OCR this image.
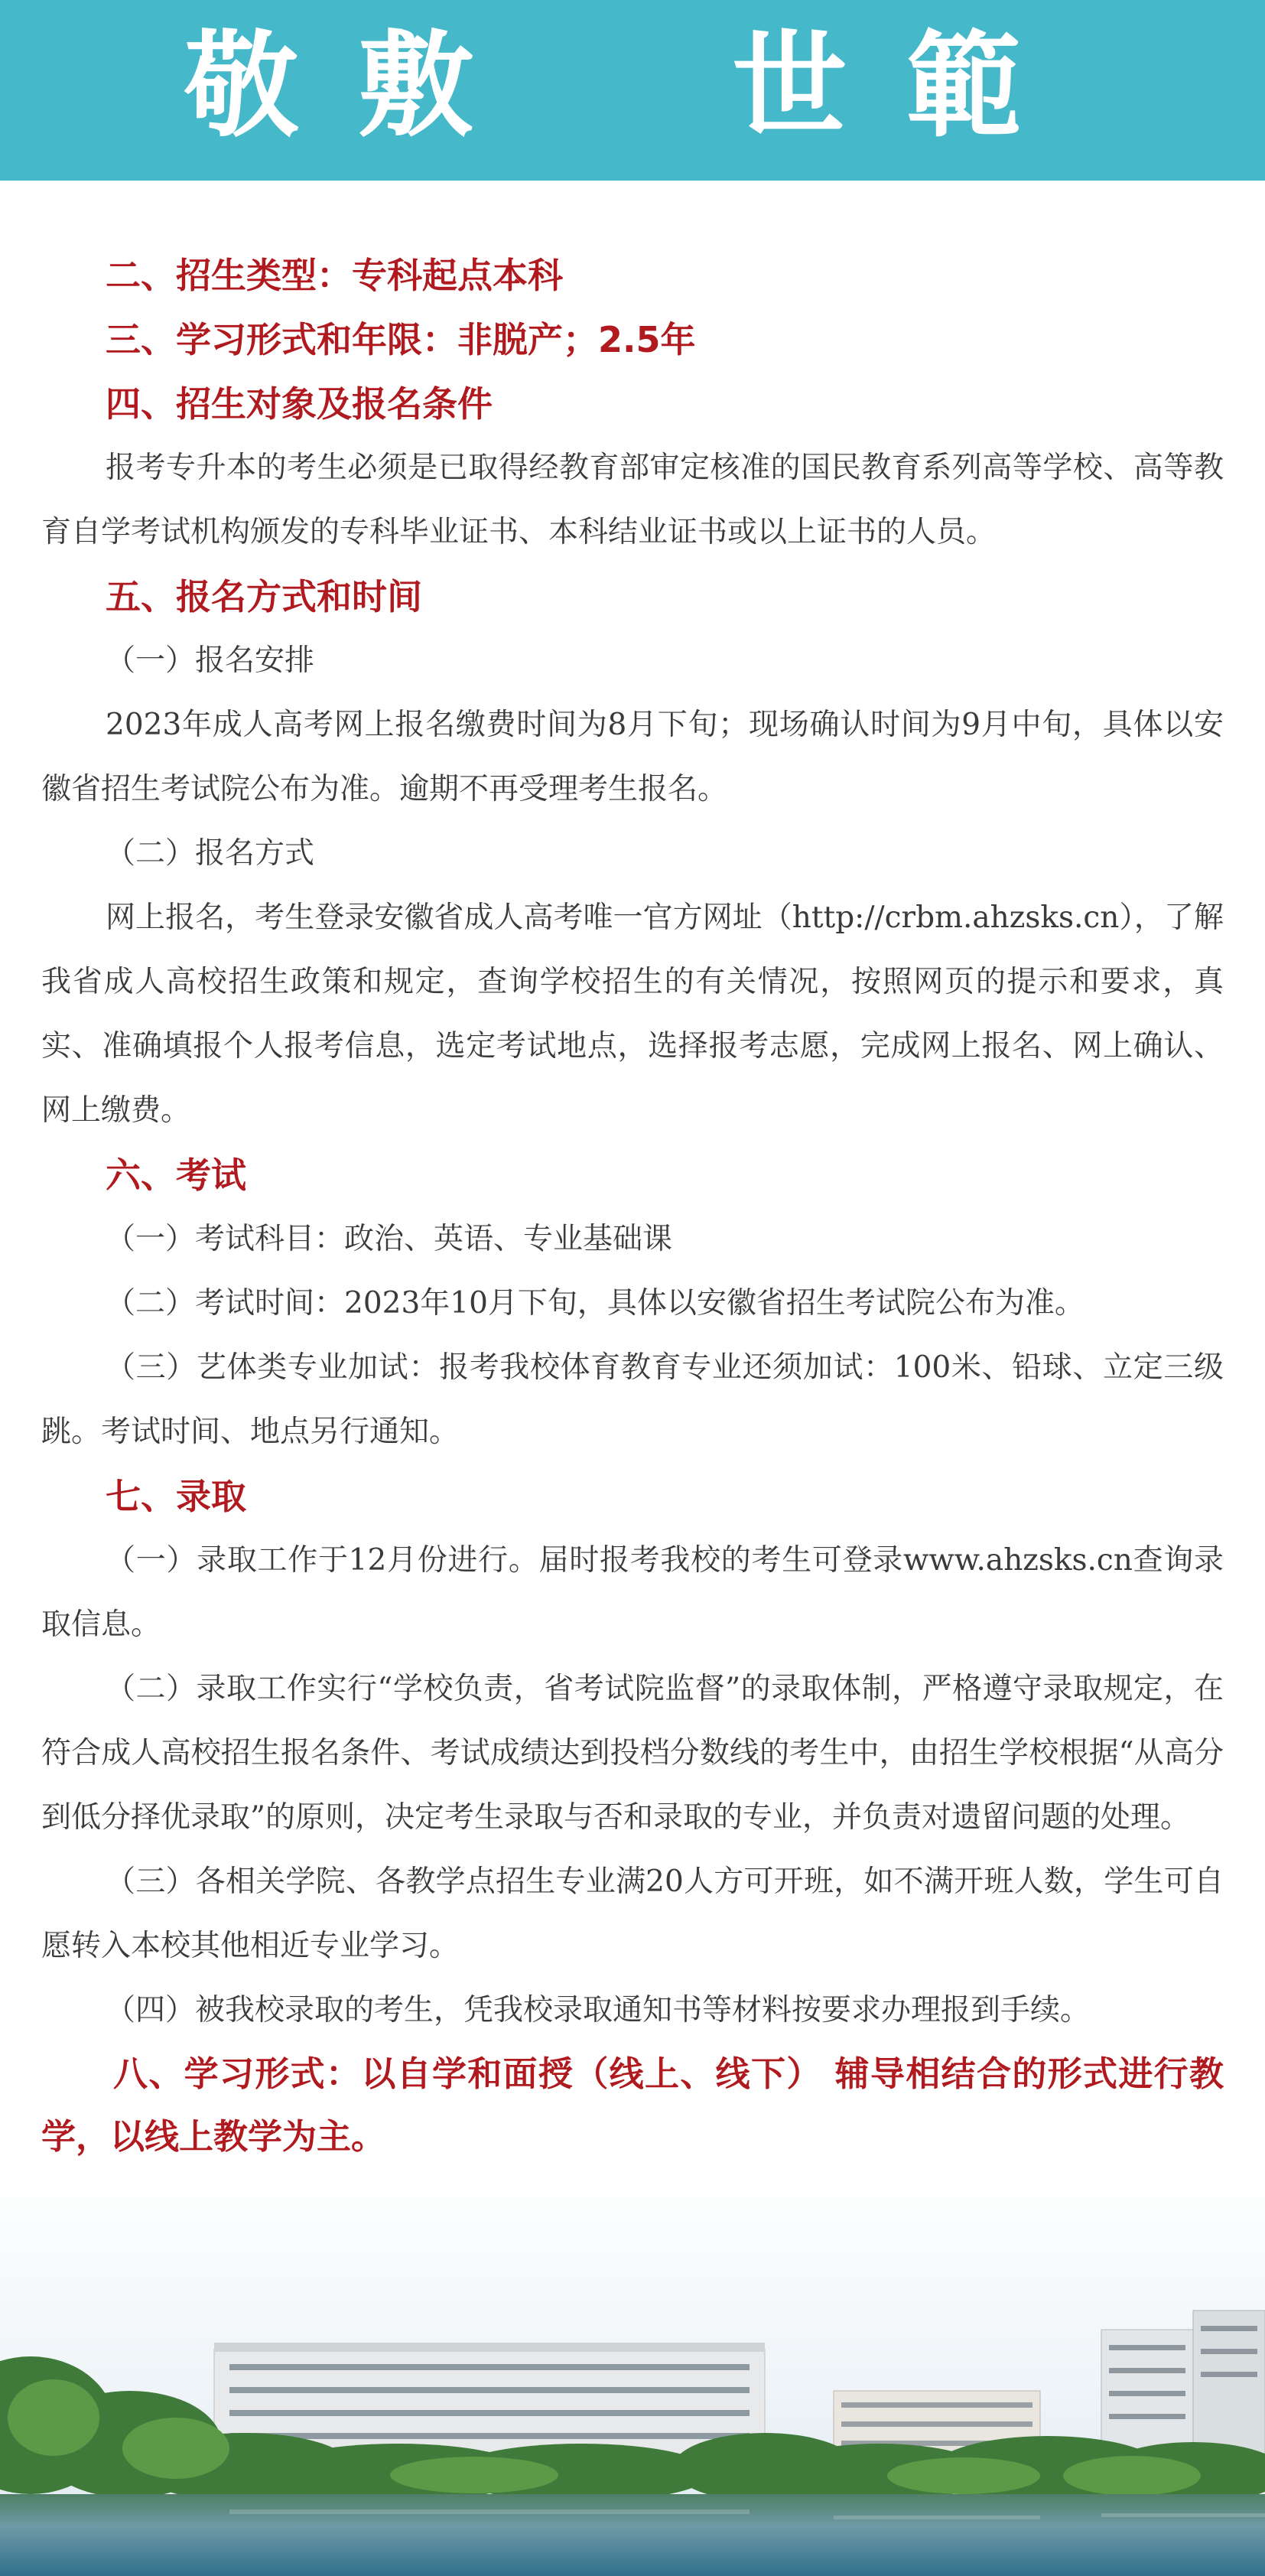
敬敷  世範

二、招生类型：专科起点本科

三、学习形式和年限：非脱产；2.5年

四、招生对象及报名条件

报考专升本的考生必须是已取得经教育部审定核准的国民教育系列高等学校、高等教育自学考试机构颁发的专科毕业证书、本科结业证书或以上证书的人员。

五、报名方式和时间

（一）报名安排

2023年成人高考网上报名缴费时间为8月下旬；现场确认时间为9月中旬，具体以安徽省招生考试院公布为准。逾期不再受理考生报名。

（二）报名方式

网上报名，考生登录安徽省成人高考唯一官方网址（http://crbm.ahzsks.cn），了解我省成人高校招生政策和规定，查询学校招生的有关情况，按照网页的提示和要求，真实、准确填报个人报考信息，选定考试地点，选择报考志愿，完成网上报名、网上确认、网上缴费。

六、考试

（一）考试科目：政治、英语、专业基础课

（二）考试时间：2023年10月下旬，具体以安徽省招生考试院公布为准。

（三）艺体类专业加试：报考我校体育教育专业还须加试：100米、铅球、立定三级跳。考试时间、地点另行通知。

七、录取

（一）录取工作于12月份进行。届时报考我校的考生可登录www.ahzsks.cn查询录取信息。

（二）录取工作实行“学校负责，省考试院监督”的录取体制，严格遵守录取规定，在符合成人高校招生报名条件、考试成绩达到投档分数线的考生中，由招生学校根据“从高分到低分择优录取”的原则，决定考生录取与否和录取的专业，并负责对遗留问题的处理。

（三）各相关学院、各教学点招生专业满20人方可开班，如不满开班人数，学生可自愿转入本校其他相近专业学习。

（四）被我校录取的考生，凭我校录取通知书等材料按要求办理报到手续。

八、学习形式：以自学和面授（线上、线下） 辅导相结合的形式进行教学，以线上教学为主。
